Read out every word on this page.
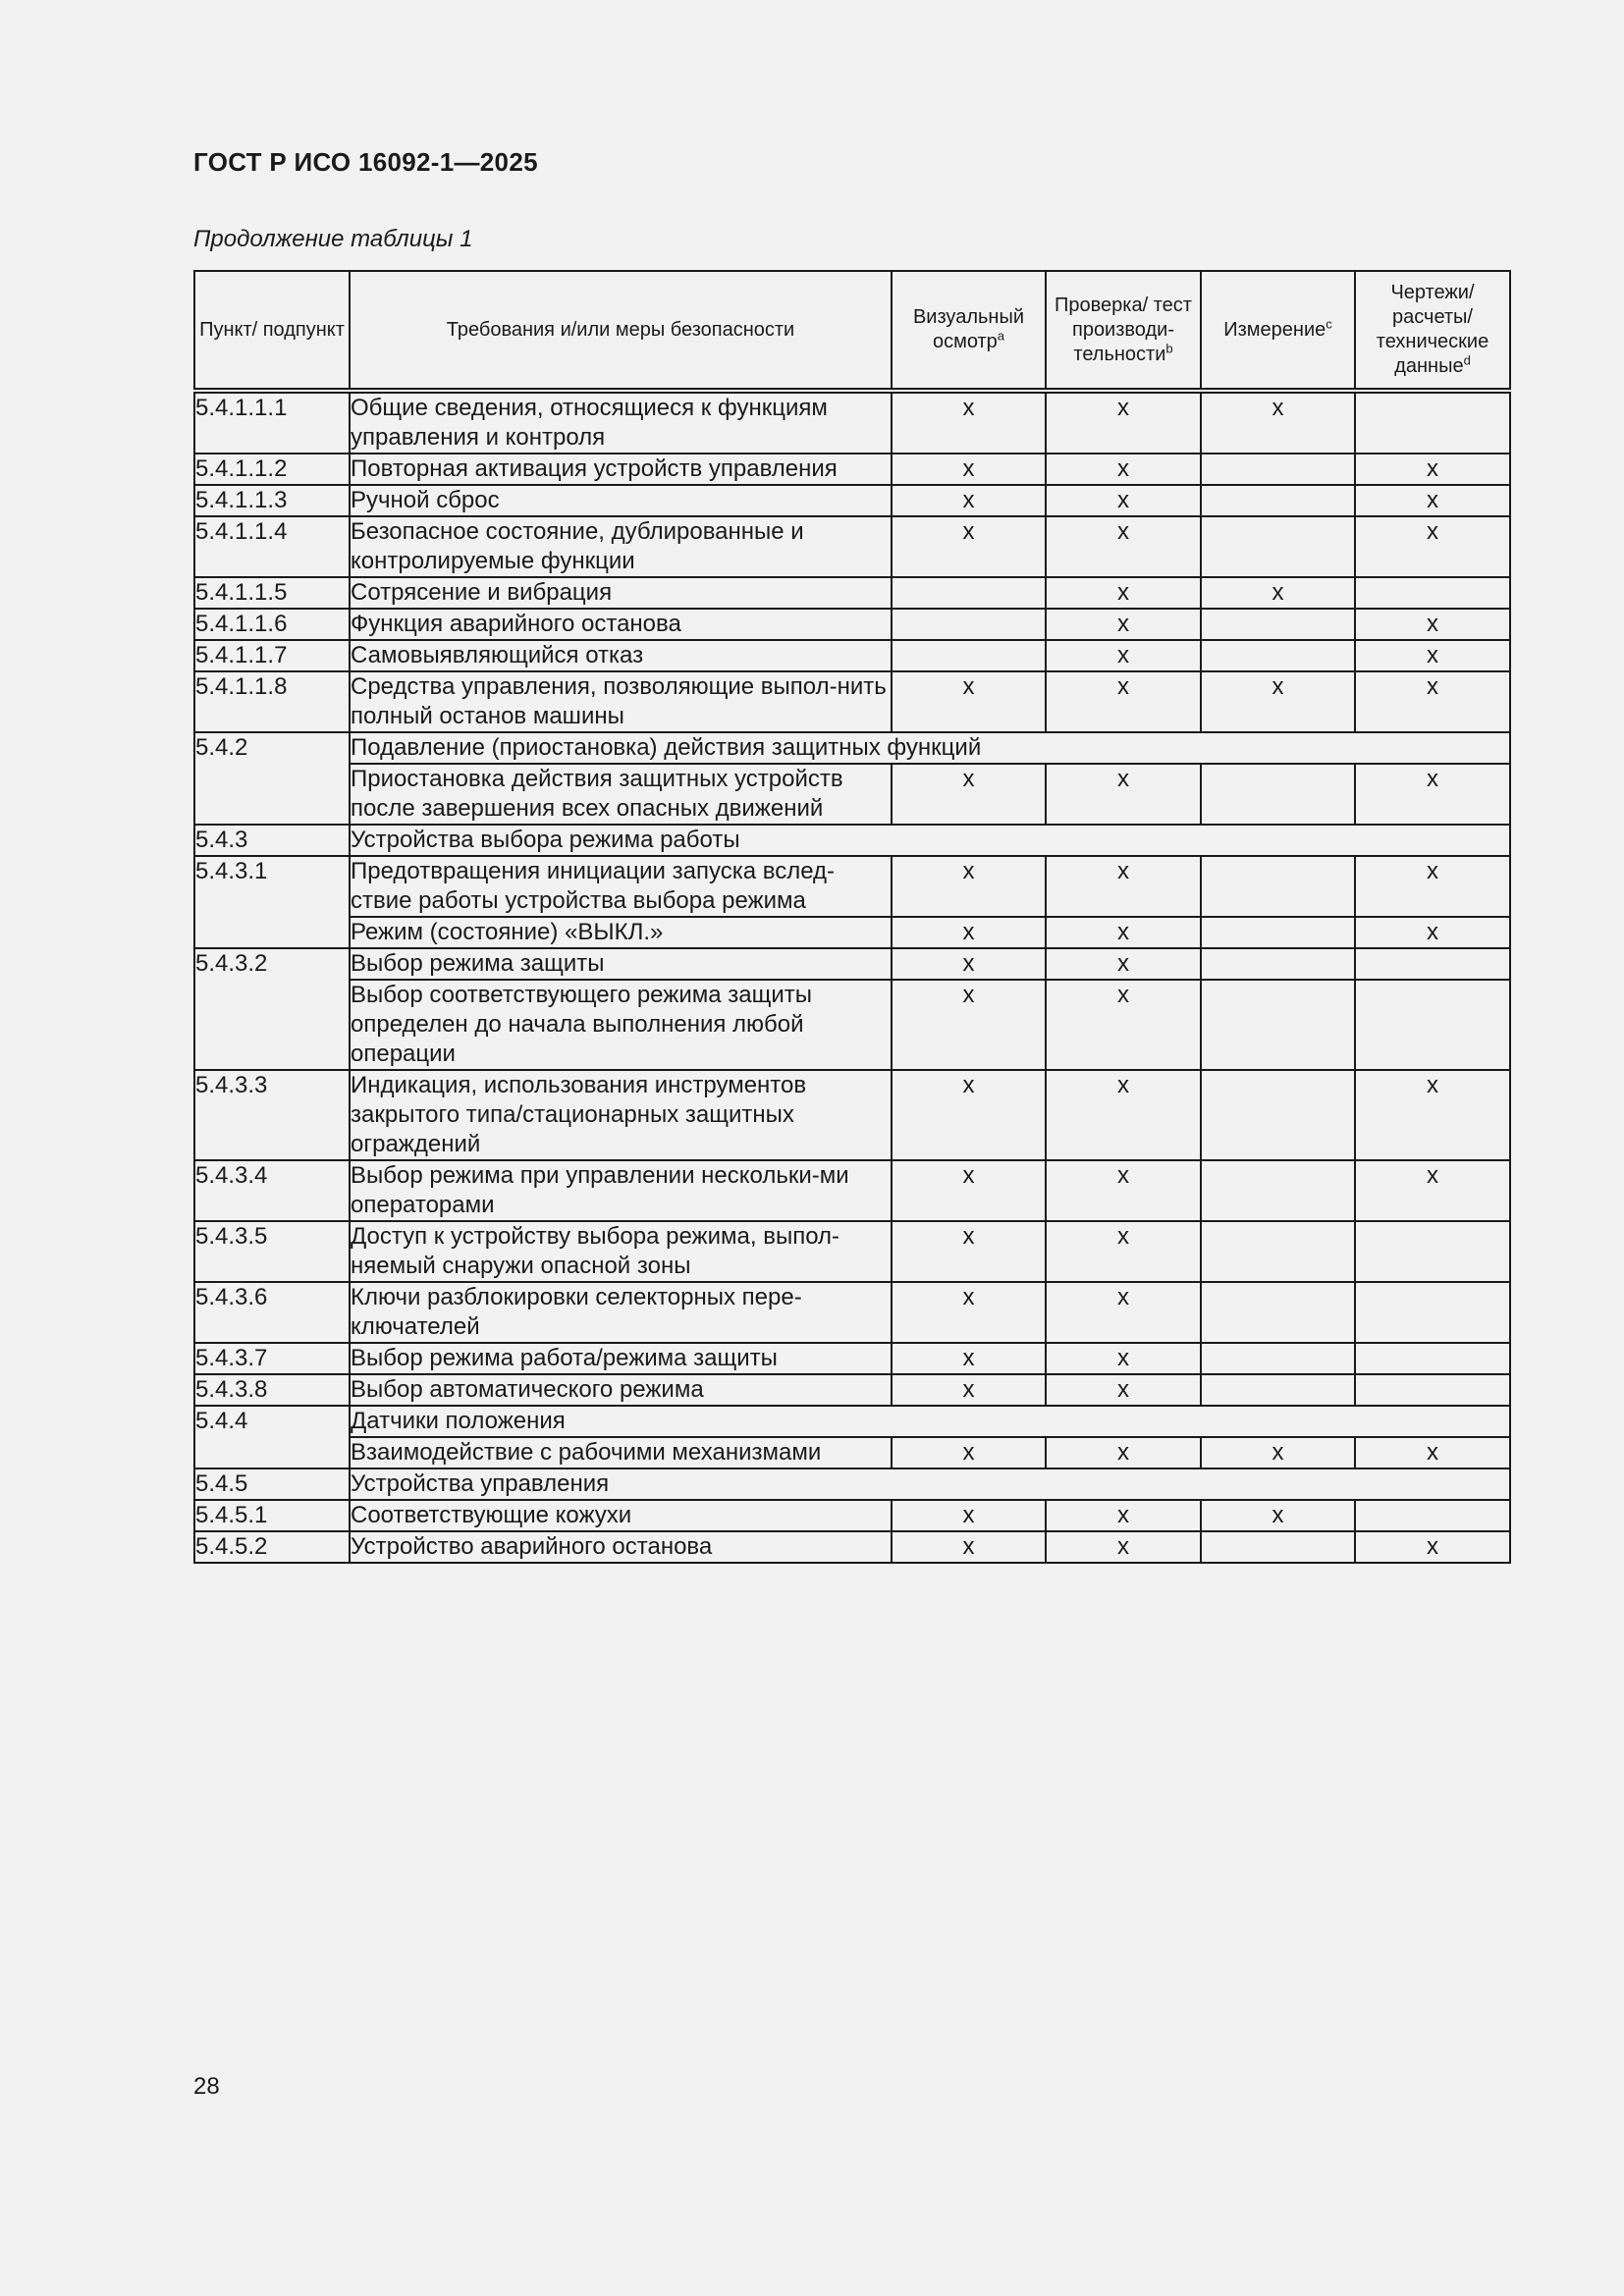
ГОСТ Р ИСО 16092-1—2025
Продолжение таблицы 1
Пункт/ подпункт	Требования и/или меры безопасности	Визуальный осмотр$^a$	Проверка/ тест производи- тельности$^b$	Измерение$^c$	Чертежи/ расчеты/ технические данные$^d$
5.4.1.1.1	Общие сведения, относящиеся к функциям управления и контроля	x	x	x	
5.4.1.1.2	Повторная активация устройств управления	x	x		x
5.4.1.1.3	Ручной сброс	x	x		x
5.4.1.1.4	Безопасное состояние, дублированные и контролируемые функции	x	x		x
5.4.1.1.5	Сотрясение и вибрация		x	x	
5.4.1.1.6	Функция аварийного останова		x		x
5.4.1.1.7	Самовыявляющийся отказ		x		x
5.4.1.1.8	Средства управления, позволяющие выпол-нить полный останов машины	x	x	x	x
5.4.2	Подавление (приостановка) действия защитных функций				
	Приостановка действия защитных устройств после завершения всех опасных движений	x	x		x
5.4.3	Устройства выбора режима работы				
5.4.3.1	Предотвращения инициации запуска вслед-ствие работы устройства выбора режима	x	x		x
	Режим (состояние) «ВЫКЛ.»	x	x		x
5.4.3.2	Выбор режима защиты	x	x		
	Выбор соответствующего режима защиты определен до начала выполнения любой операции	x	x		
5.4.3.3	Индикация, использования инструментов закрытого типа/стационарных защитных ограждений	x	x		x
5.4.3.4	Выбор режима при управлении нескольки-ми операторами	x	x		x
5.4.3.5	Доступ к устройству выбора режима, выпол-няемый снаружи опасной зоны	x	x		
5.4.3.6	Ключи разблокировки селекторных пере-ключателей	x	x		
5.4.3.7	Выбор режима работа/режима защиты	x	x		
5.4.3.8	Выбор автоматического режима	x	x		
5.4.4	Датчики положения				
	Взаимодействие с рабочими механизмами	x	x	x	x
5.4.5	Устройства управления				
5.4.5.1	Соответствующие кожухи	x	x	x	
5.4.5.2	Устройство аварийного останова	x	x		x
28
